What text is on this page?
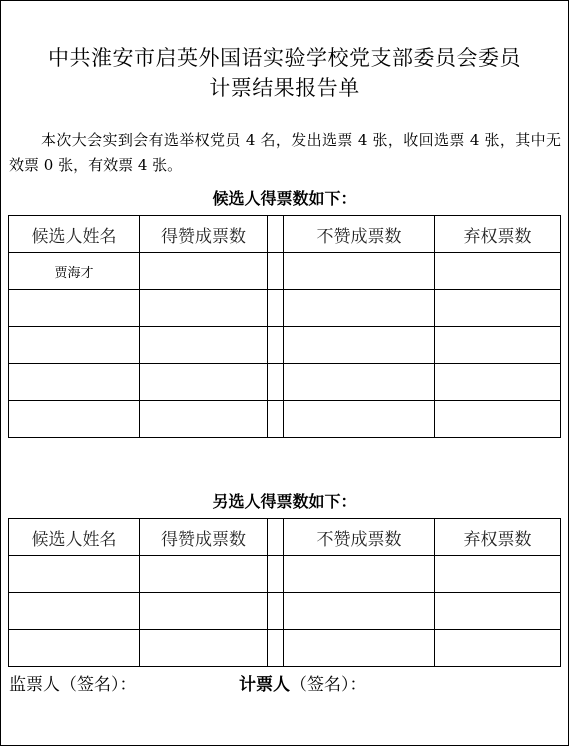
中共淮安市启英外国语实验学校党支部委员会委员
计票结果报告单
本次大会实到会有选举权党员 4 名，发出选票 4 张，收回选票 4 张，其中无效票 0 张，有效票 4 张。
候选人得票数如下：
候选人姓名	得赞成票数		不赞成票数	弃权票数
贾海才				

另选人得票数如下：
候选人姓名	得赞成票数		不赞成票数	弃权票数

监票人（签名）：	计票人（签名）：
